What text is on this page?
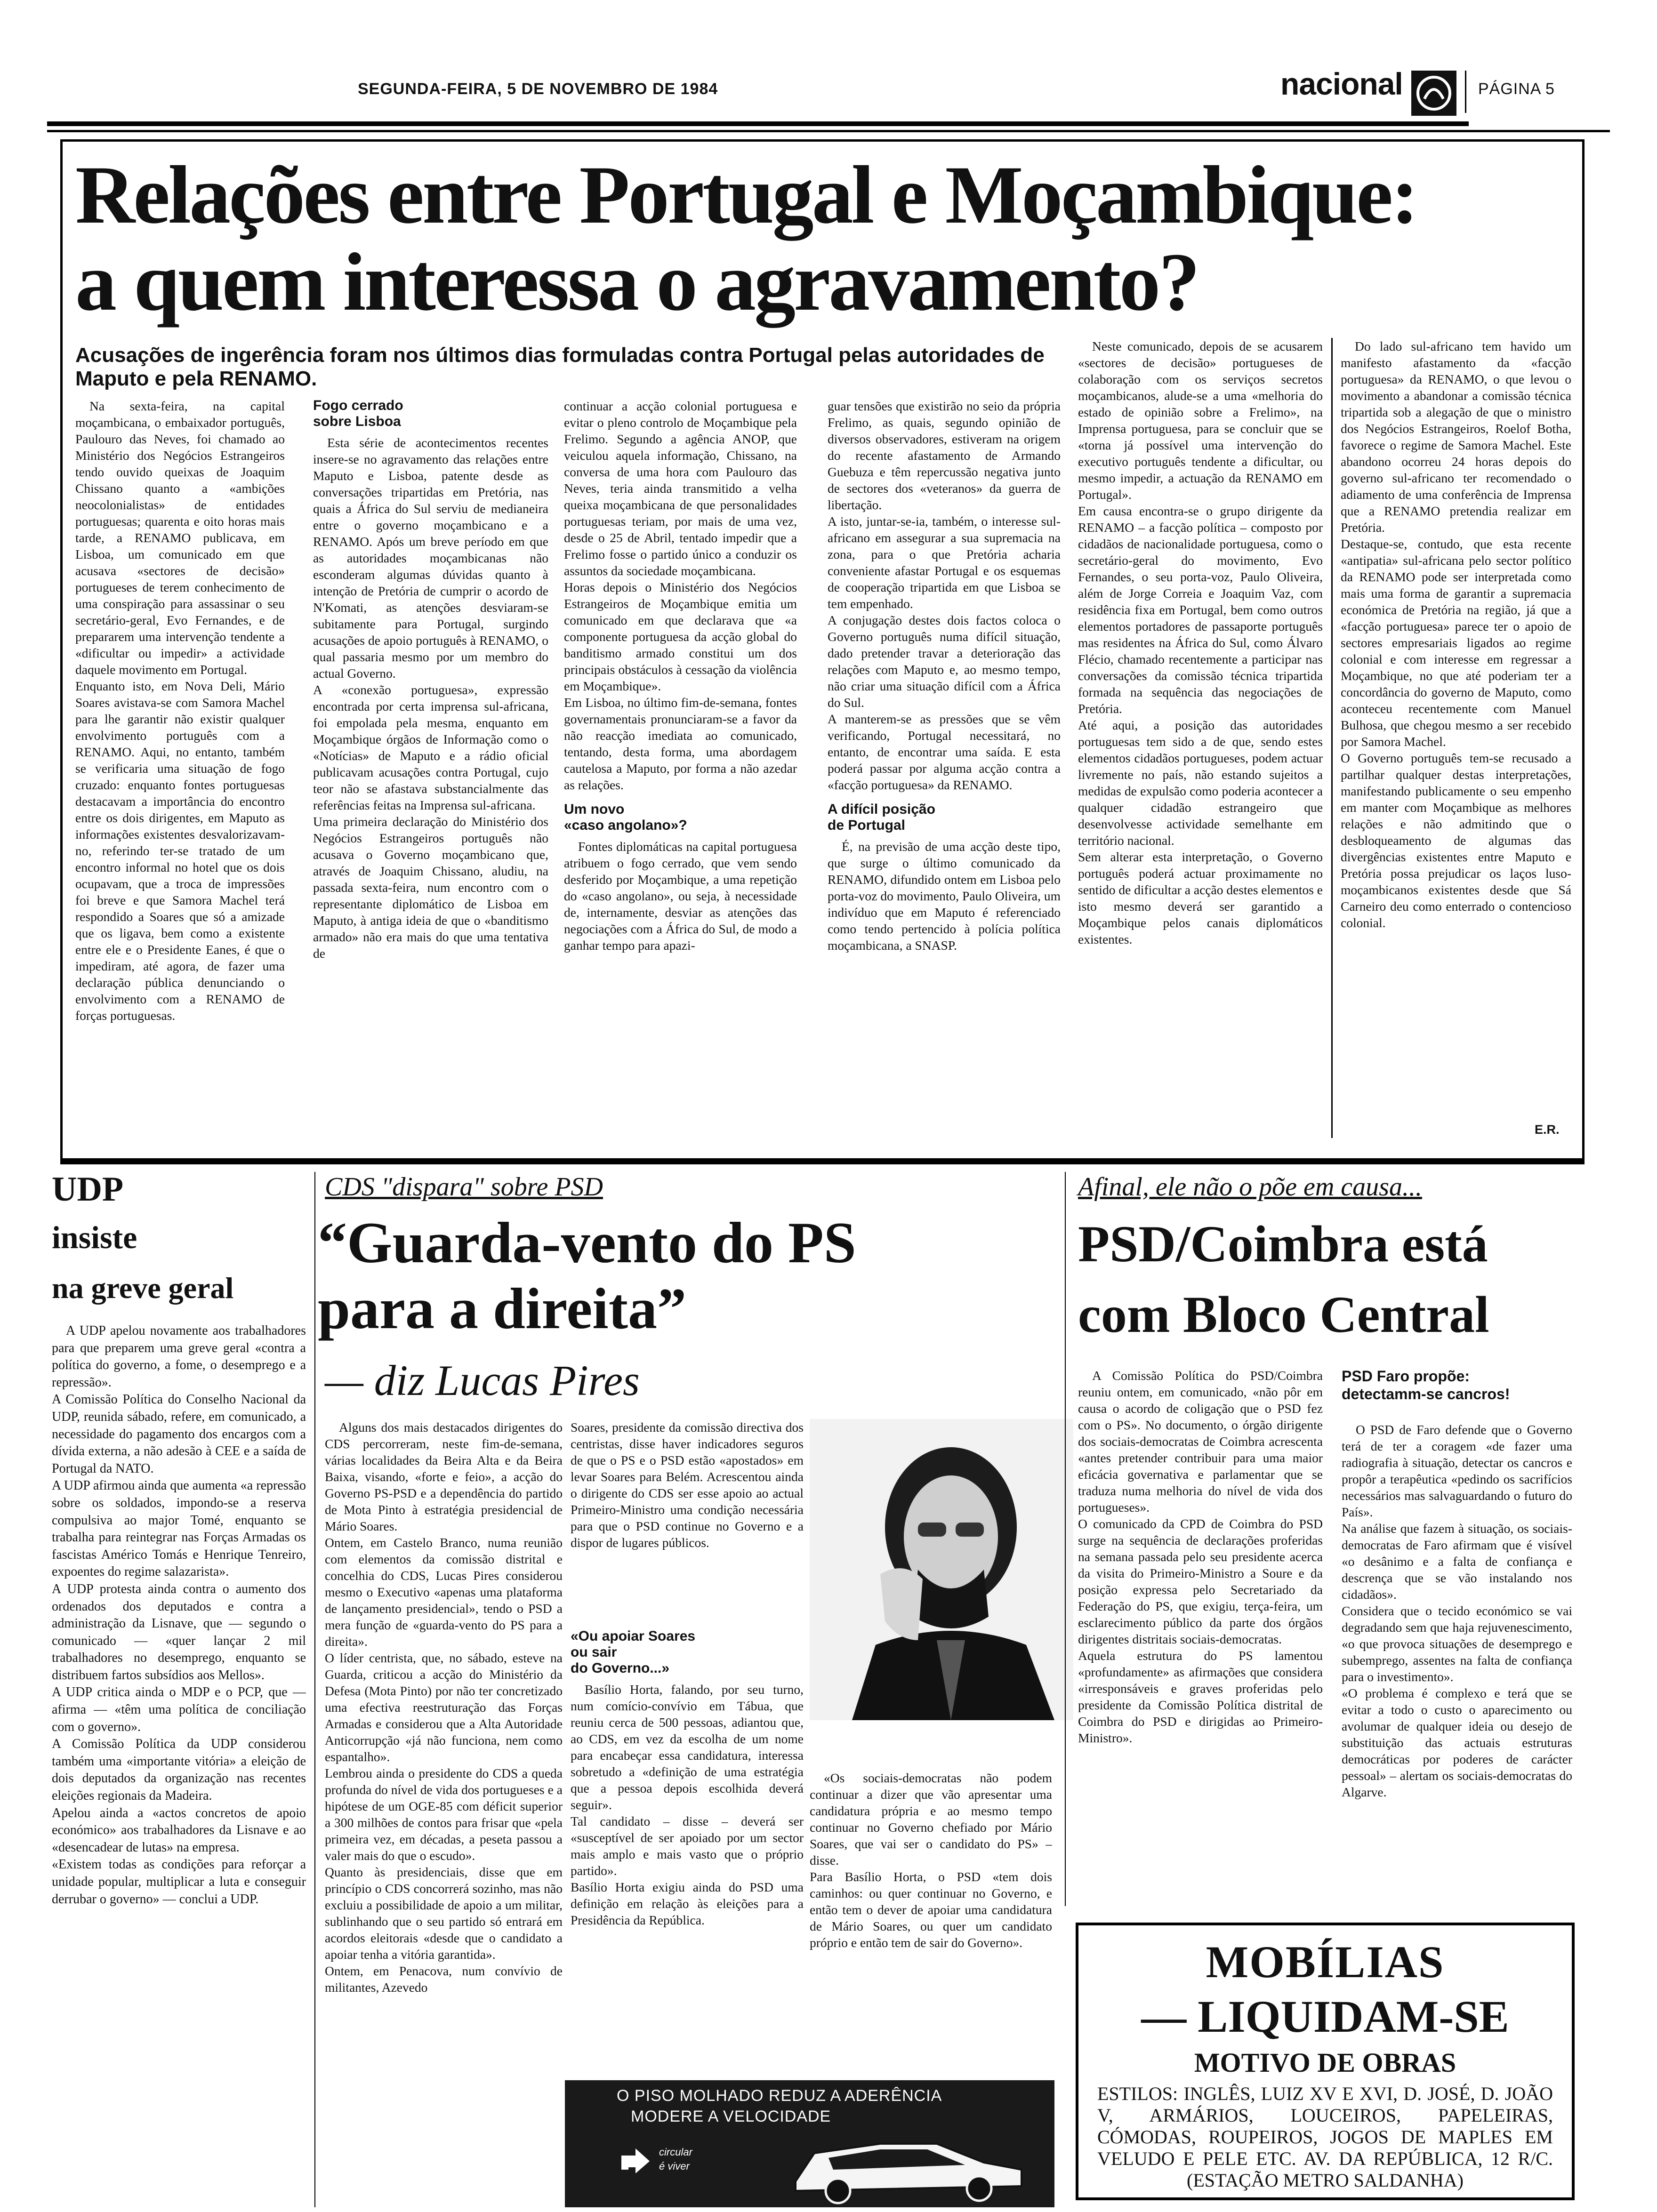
SEGUNDA-FEIRA, 5 DE NOVEMBRO DE 1984	nacional	PÁGINA 5
Relações entre Portugal e Moçambique:
a quem interessa o agravamento?
Acusações de ingerência foram nos últimos dias formuladas contra Portugal pelas autoridades de Maputo e pela RENAMO.

Na sexta-feira, na capital moçambicana, o embaixador português, Paulouro das Neves, foi chamado ao Ministério dos Negócios Estrangeiros tendo ouvido queixas de Joaquim Chissano quanto a «ambições neocolonialistas» de entidades portuguesas; quarenta e oito horas mais tarde, a RENAMO publicava, em Lisboa, um comunicado em que acusava «sectores de decisão» portugueses de terem conhecimento de uma conspiração para assassinar o seu secretário-geral, Evo Fernandes, e de prepararem uma intervenção tendente a «dificultar ou impedir» a actividade daquele movimento em Portugal.
Enquanto isto, em Nova Deli, Mário Soares avistava-se com Samora Machel para lhe garantir não existir qualquer envolvimento português com a RENAMO. Aqui, no entanto, também se verificaria uma situação de fogo cruzado: enquanto fontes portuguesas destacavam a importância do encontro entre os dois dirigentes, em Maputo as informações existentes desvalorizavam-no, referindo ter-se tratado de um encontro informal no hotel que os dois ocupavam, que a troca de impressões foi breve e que Samora Machel terá respondido a Soares que só a amizade que os ligava, bem como a existente entre ele e o Presidente Eanes, é que o impediram, até agora, de fazer uma declaração pública denunciando o envolvimento com a RENAMO de forças portuguesas.

Fogo cerrado
sobre Lisboa

Esta série de acontecimentos recentes insere-se no agravamento das relações entre Maputo e Lisboa, patente desde as conversações tripartidas em Pretória, nas quais a África do Sul serviu de medianeira entre o governo moçambicano e a RENAMO. Após um breve período em que as autoridades moçambicanas não esconderam algumas dúvidas quanto à intenção de Pretória de cumprir o acordo de N'Komati, as atenções desviaram-se subitamente para Portugal, surgindo acusações de apoio português à RENAMO, o qual passaria mesmo por um membro do actual Governo.
A «conexão portuguesa», expressão encontrada por certa imprensa sul-africana, foi empolada pela mesma, enquanto em Moçambique órgãos de Informação como o «Notícias» de Maputo e a rádio oficial publicavam acusações contra Portugal, cujo teor não se afastava substancialmente das referências feitas na Imprensa sul-africana.
Uma primeira declaração do Ministério dos Negócios Estrangeiros português não acusava o Governo moçambicano que, através de Joaquim Chissano, aludiu, na passada sexta-feira, num encontro com o representante diplomático de Lisboa em Maputo, à antiga ideia de que o «banditismo armado» não era mais do que uma tentativa de

continuar a acção colonial portuguesa e evitar o pleno controlo de Moçambique pela Frelimo. Segundo a agência ANOP, que veiculou aquela informação, Chissano, na conversa de uma hora com Paulouro das Neves, teria ainda transmitido a velha queixa moçambicana de que personalidades portuguesas teriam, por mais de uma vez, desde o 25 de Abril, tentado impedir que a Frelimo fosse o partido único a conduzir os assuntos da sociedade moçambicana.
Horas depois o Ministério dos Negócios Estrangeiros de Moçambique emitia um comunicado em que declarava que «a componente portuguesa da acção global do banditismo armado constitui um dos principais obstáculos à cessação da violência em Moçambique».
Em Lisboa, no último fim-de-semana, fontes governamentais pronunciaram-se a favor da não reacção imediata ao comunicado, tentando, desta forma, uma abordagem cautelosa a Maputo, por forma a não azedar as relações.

Um novo
«caso angolano»?

Fontes diplomáticas na capital portuguesa atribuem o fogo cerrado, que vem sendo desferido por Moçambique, a uma repetição do «caso angolano», ou seja, à necessidade de, internamente, desviar as atenções das negociações com a África do Sul, de modo a ganhar tempo para apazi-

guar tensões que existirão no seio da própria Frelimo, as quais, segundo opinião de diversos observadores, estiveram na origem do recente afastamento de Armando Guebuza e têm repercussão negativa junto de sectores dos «veteranos» da guerra de libertação.
A isto, juntar-se-ia, também, o interesse sul-africano em assegurar a sua supremacia na zona, para o que Pretória acharia conveniente afastar Portugal e os esquemas de cooperação tripartida em que Lisboa se tem empenhado.
A conjugação destes dois factos coloca o Governo português numa difícil situação, dado pretender travar a deterioração das relações com Maputo e, ao mesmo tempo, não criar uma situação difícil com a África do Sul.
A manterem-se as pressões que se vêm verificando, Portugal necessitará, no entanto, de encontrar uma saída. E esta poderá passar por alguma acção contra a «facção portuguesa» da RENAMO.

A difícil posição
de Portugal

É, na previsão de uma acção deste tipo, que surge o último comunicado da RENAMO, difundido ontem em Lisboa pelo porta-voz do movimento, Paulo Oliveira, um indivíduo que em Maputo é referenciado como tendo pertencido à polícia política moçambicana, a SNASP.

Neste comunicado, depois de se acusarem «sectores de decisão» portugueses de colaboração com os serviços secretos moçambicanos, alude-se a uma «melhoria do estado de opinião sobre a Frelimo», na Imprensa portuguesa, para se concluir que se «torna já possível uma intervenção do executivo português tendente a dificultar, ou mesmo impedir, a actuação da RENAMO em Portugal».
Em causa encontra-se o grupo dirigente da RENAMO – a facção política – composto por cidadãos de nacionalidade portuguesa, como o secretário-geral do movimento, Evo Fernandes, o seu porta-voz, Paulo Oliveira, além de Jorge Correia e Joaquim Vaz, com residência fixa em Portugal, bem como outros elementos portadores de passaporte português mas residentes na África do Sul, como Álvaro Flécio, chamado recentemente a participar nas conversações da comissão técnica tripartida formada na sequência das negociações de Pretória.
Até aqui, a posição das autoridades portuguesas tem sido a de que, sendo estes elementos cidadãos portugueses, podem actuar livremente no país, não estando sujeitos a medidas de expulsão como poderia acontecer a qualquer cidadão estrangeiro que desenvolvesse actividade semelhante em território nacional.
Sem alterar esta interpretação, o Governo português poderá actuar proximamente no sentido de dificultar a acção destes elementos e isto mesmo deverá ser garantido a Moçambique pelos canais diplomáticos existentes.

Do lado sul-africano tem havido um manifesto afastamento da «facção portuguesa» da RENAMO, o que levou o movimento a abandonar a comissão técnica tripartida sob a alegação de que o ministro dos Negócios Estrangeiros, Roelof Botha, favorece o regime de Samora Machel. Este abandono ocorreu 24 horas depois do governo sul-africano ter recomendado o adiamento de uma conferência de Imprensa que a RENAMO pretendia realizar em Pretória.
Destaque-se, contudo, que esta recente «antipatia» sul-africana pelo sector político da RENAMO pode ser interpretada como mais uma forma de garantir a supremacia económica de Pretória na região, já que a «facção portuguesa» parece ter o apoio de sectores empresariais ligados ao regime colonial e com interesse em regressar a Moçambique, no que até poderiam ter a concordância do governo de Maputo, como aconteceu recentemente com Manuel Bulhosa, que chegou mesmo a ser recebido por Samora Machel.
O Governo português tem-se recusado a partilhar qualquer destas interpretações, manifestando publicamente o seu empenho em manter com Moçambique as melhores relações e não admitindo que o desbloqueamento de algumas das divergências existentes entre Maputo e Pretória possa prejudicar os laços luso-moçambicanos existentes desde que Sá Carneiro deu como enterrado o contencioso colonial.

E.R.
UDP
insiste
na greve geral

A UDP apelou novamente aos trabalhadores para que preparem uma greve geral «contra a política do governo, a fome, o desemprego e a repressão».
A Comissão Política do Conselho Nacional da UDP, reunida sábado, refere, em comunicado, a necessidade do pagamento dos encargos com a dívida externa, a não adesão à CEE e a saída de Portugal da NATO.
A UDP afirmou ainda que aumenta «a repressão sobre os soldados, impondo-se a reserva compulsiva ao major Tomé, enquanto se trabalha para reintegrar nas Forças Armadas os fascistas Américo Tomás e Henrique Tenreiro, expoentes do regime salazarista».
A UDP protesta ainda contra o aumento dos ordenados dos deputados e contra a administração da Lisnave, que — segundo o comunicado — «quer lançar 2 mil trabalhadores no desemprego, enquanto se distribuem fartos subsídios aos Mellos».
A UDP critica ainda o MDP e o PCP, que — afirma — «têm uma política de conciliação com o governo».
A Comissão Política da UDP considerou também uma «importante vitória» a eleição de dois deputados da organização nas recentes eleições regionais da Madeira.
Apelou ainda a «actos concretos de apoio económico» aos trabalhadores da Lisnave e ao «desencadear de lutas» na empresa.
«Existem todas as condições para reforçar a unidade popular, multiplicar a luta e conseguir derrubar o governo» — conclui a UDP.

CDS "dispara" sobre PSD
“Guarda-vento do PS
para a direita”
— diz Lucas Pires

Alguns dos mais destacados dirigentes do CDS percorreram, neste fim-de-semana, várias localidades da Beira Alta e da Beira Baixa, visando, «forte e feio», a acção do Governo PS-PSD e a dependência do partido de Mota Pinto à estratégia presidencial de Mário Soares.
Ontem, em Castelo Branco, numa reunião com elementos da comissão distrital e concelhia do CDS, Lucas Pires considerou mesmo o Executivo «apenas uma plataforma de lançamento presidencial», tendo o PSD a mera função de «guarda-vento do PS para a direita».
O líder centrista, que, no sábado, esteve na Guarda, criticou a acção do Ministério da Defesa (Mota Pinto) por não ter concretizado uma efectiva reestruturação das Forças Armadas e considerou que a Alta Autoridade Anticorrupção «já não funciona, nem como espantalho».
Lembrou ainda o presidente do CDS a queda profunda do nível de vida dos portugueses e a hipótese de um OGE-85 com déficit superior a 300 milhões de contos para frisar que «pela primeira vez, em décadas, a peseta passou a valer mais do que o escudo».
Quanto às presidenciais, disse que em princípio o CDS concorrerá sozinho, mas não excluiu a possibilidade de apoio a um militar, sublinhando que o seu partido só entrará em acordos eleitorais «desde que o candidato a apoiar tenha a vitória garantida».
Ontem, em Penacova, num convívio de militantes, Azevedo

Soares, presidente da comissão directiva dos centristas, disse haver indicadores seguros de que o PS e o PSD estão «apostados» em levar Soares para Belém. Acrescentou ainda o dirigente do CDS ser esse apoio ao actual Primeiro-Ministro uma condição necessária para que o PSD continue no Governo e a dispor de lugares públicos.

«Ou apoiar Soares
ou sair
do Governo...»

Basílio Horta, falando, por seu turno, num comício-convívio em Tábua, que reuniu cerca de 500 pessoas, adiantou que, ao CDS, em vez da escolha de um nome para encabeçar essa candidatura, interessa sobretudo a «definição de uma estratégia que a pessoa depois escolhida deverá seguir».
Tal candidato – disse – deverá ser «susceptível de ser apoiado por um sector mais amplo e mais vasto que o próprio partido».
Basílio Horta exigiu ainda do PSD uma definição em relação às eleições para a Presidência da República.

«Os sociais-democratas não podem continuar a dizer que vão apresentar uma candidatura própria e ao mesmo tempo continuar no Governo chefiado por Mário Soares, que vai ser o candidato do PS» – disse.
Para Basílio Horta, o PSD «tem dois caminhos: ou quer continuar no Governo, e então tem o dever de apoiar uma candidatura de Mário Soares, ou quer um candidato próprio e então tem de sair do Governo».

O PISO MOLHADO REDUZ A ADERÊNCIA
MODERE A VELOCIDADE
circular
é viver
Afinal, ele não o põe em causa...
PSD/Coimbra está
com Bloco Central

A Comissão Política do PSD/Coimbra reuniu ontem, em comunicado, «não pôr em causa o acordo de coligação que o PSD fez com o PS». No documento, o órgão dirigente dos sociais-democratas de Coimbra acrescenta «antes pretender contribuir para uma maior eficácia governativa e parlamentar que se traduza numa melhoria do nível de vida dos portugueses».
O comunicado da CPD de Coimbra do PSD surge na sequência de declarações proferidas na semana passada pelo seu presidente acerca da visita do Primeiro-Ministro a Soure e da posição expressa pelo Secretariado da Federação do PS, que exigiu, terça-feira, um esclarecimento público da parte dos órgãos dirigentes distritais sociais-democratas.
Aquela estrutura do PS lamentou «profundamente» as afirmações que considera «irresponsáveis e graves proferidas pelo presidente da Comissão Política distrital de Coimbra do PSD e dirigidas ao Primeiro-Ministro».

PSD Faro propõe:
detectamm-se cancros!

O PSD de Faro defende que o Governo terá de ter a coragem «de fazer uma radiografia à situação, detectar os cancros e propôr a terapêutica «pedindo os sacrifícios necessários mas salvaguardando o futuro do País».
Na análise que fazem à situação, os sociais-democratas de Faro afirmam que é visível «o desânimo e a falta de confiança e descrença que se vão instalando nos cidadãos».
Considera que o tecido económico se vai degradando sem que haja rejuvenescimento, «o que provoca situações de desemprego e subemprego, assentes na falta de confiança para o investimento».
«O problema é complexo e terá que se evitar a todo o custo o aparecimento ou avolumar de qualquer ideia ou desejo de substituição das actuais estruturas democráticas por poderes de carácter pessoal» – alertam os sociais-democratas do Algarve.

MOBÍLIAS
— LIQUIDAM-SE
MOTIVO DE OBRAS
ESTILOS: INGLÊS, LUIZ XV E XVI, D. JOSÉ, D. JOÃO V, ARMÁRIOS, LOUCEIROS, PAPELEIRAS, CÓMODAS, ROUPEIROS, JOGOS DE MAPLES EM VELUDO E PELE ETC. AV. DA REPÚBLICA, 12 R/C. (ESTAÇÃO METRO SALDANHA)
